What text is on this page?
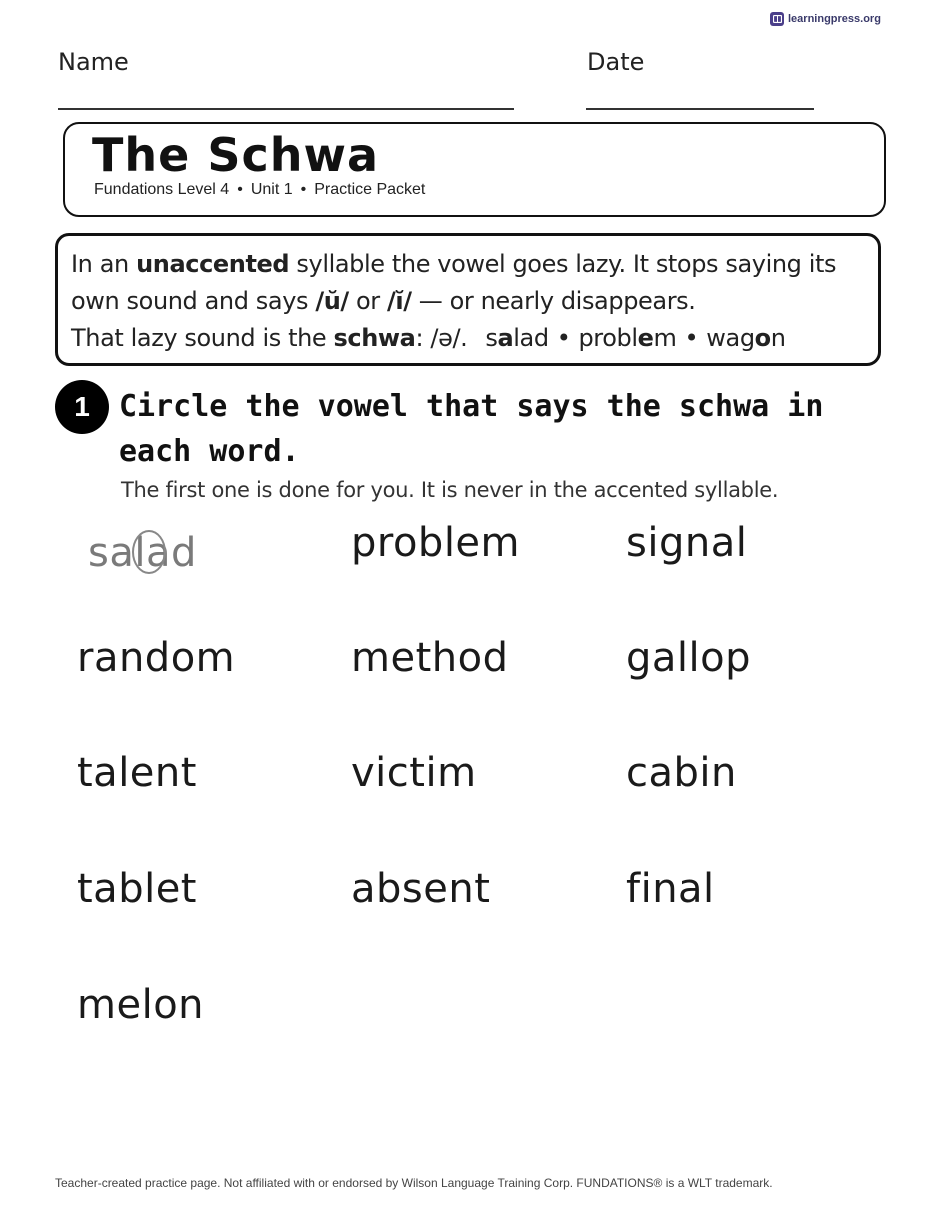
learningpress.org
Name	Date
The Schwa
Fundations Level 4 • Unit 1 • Practice Packet
In an unaccented syllable the vowel goes lazy. It stops saying its
own sound and says /ŭ/ or /ĭ/ — or nearly disappears.
That lazy sound is the schwa: /ə/. salad • problem • wagon
1 Circle the vowel that says the schwa in each word.
The first one is done for you. It is never in the accented syllable.
salad	problem	signal
random	method	gallop
talent	victim	cabin
tablet	absent	final
melon
Teacher-created practice page. Not affiliated with or endorsed by Wilson Language Training Corp. FUNDATIONS® is a WLT trademark.
